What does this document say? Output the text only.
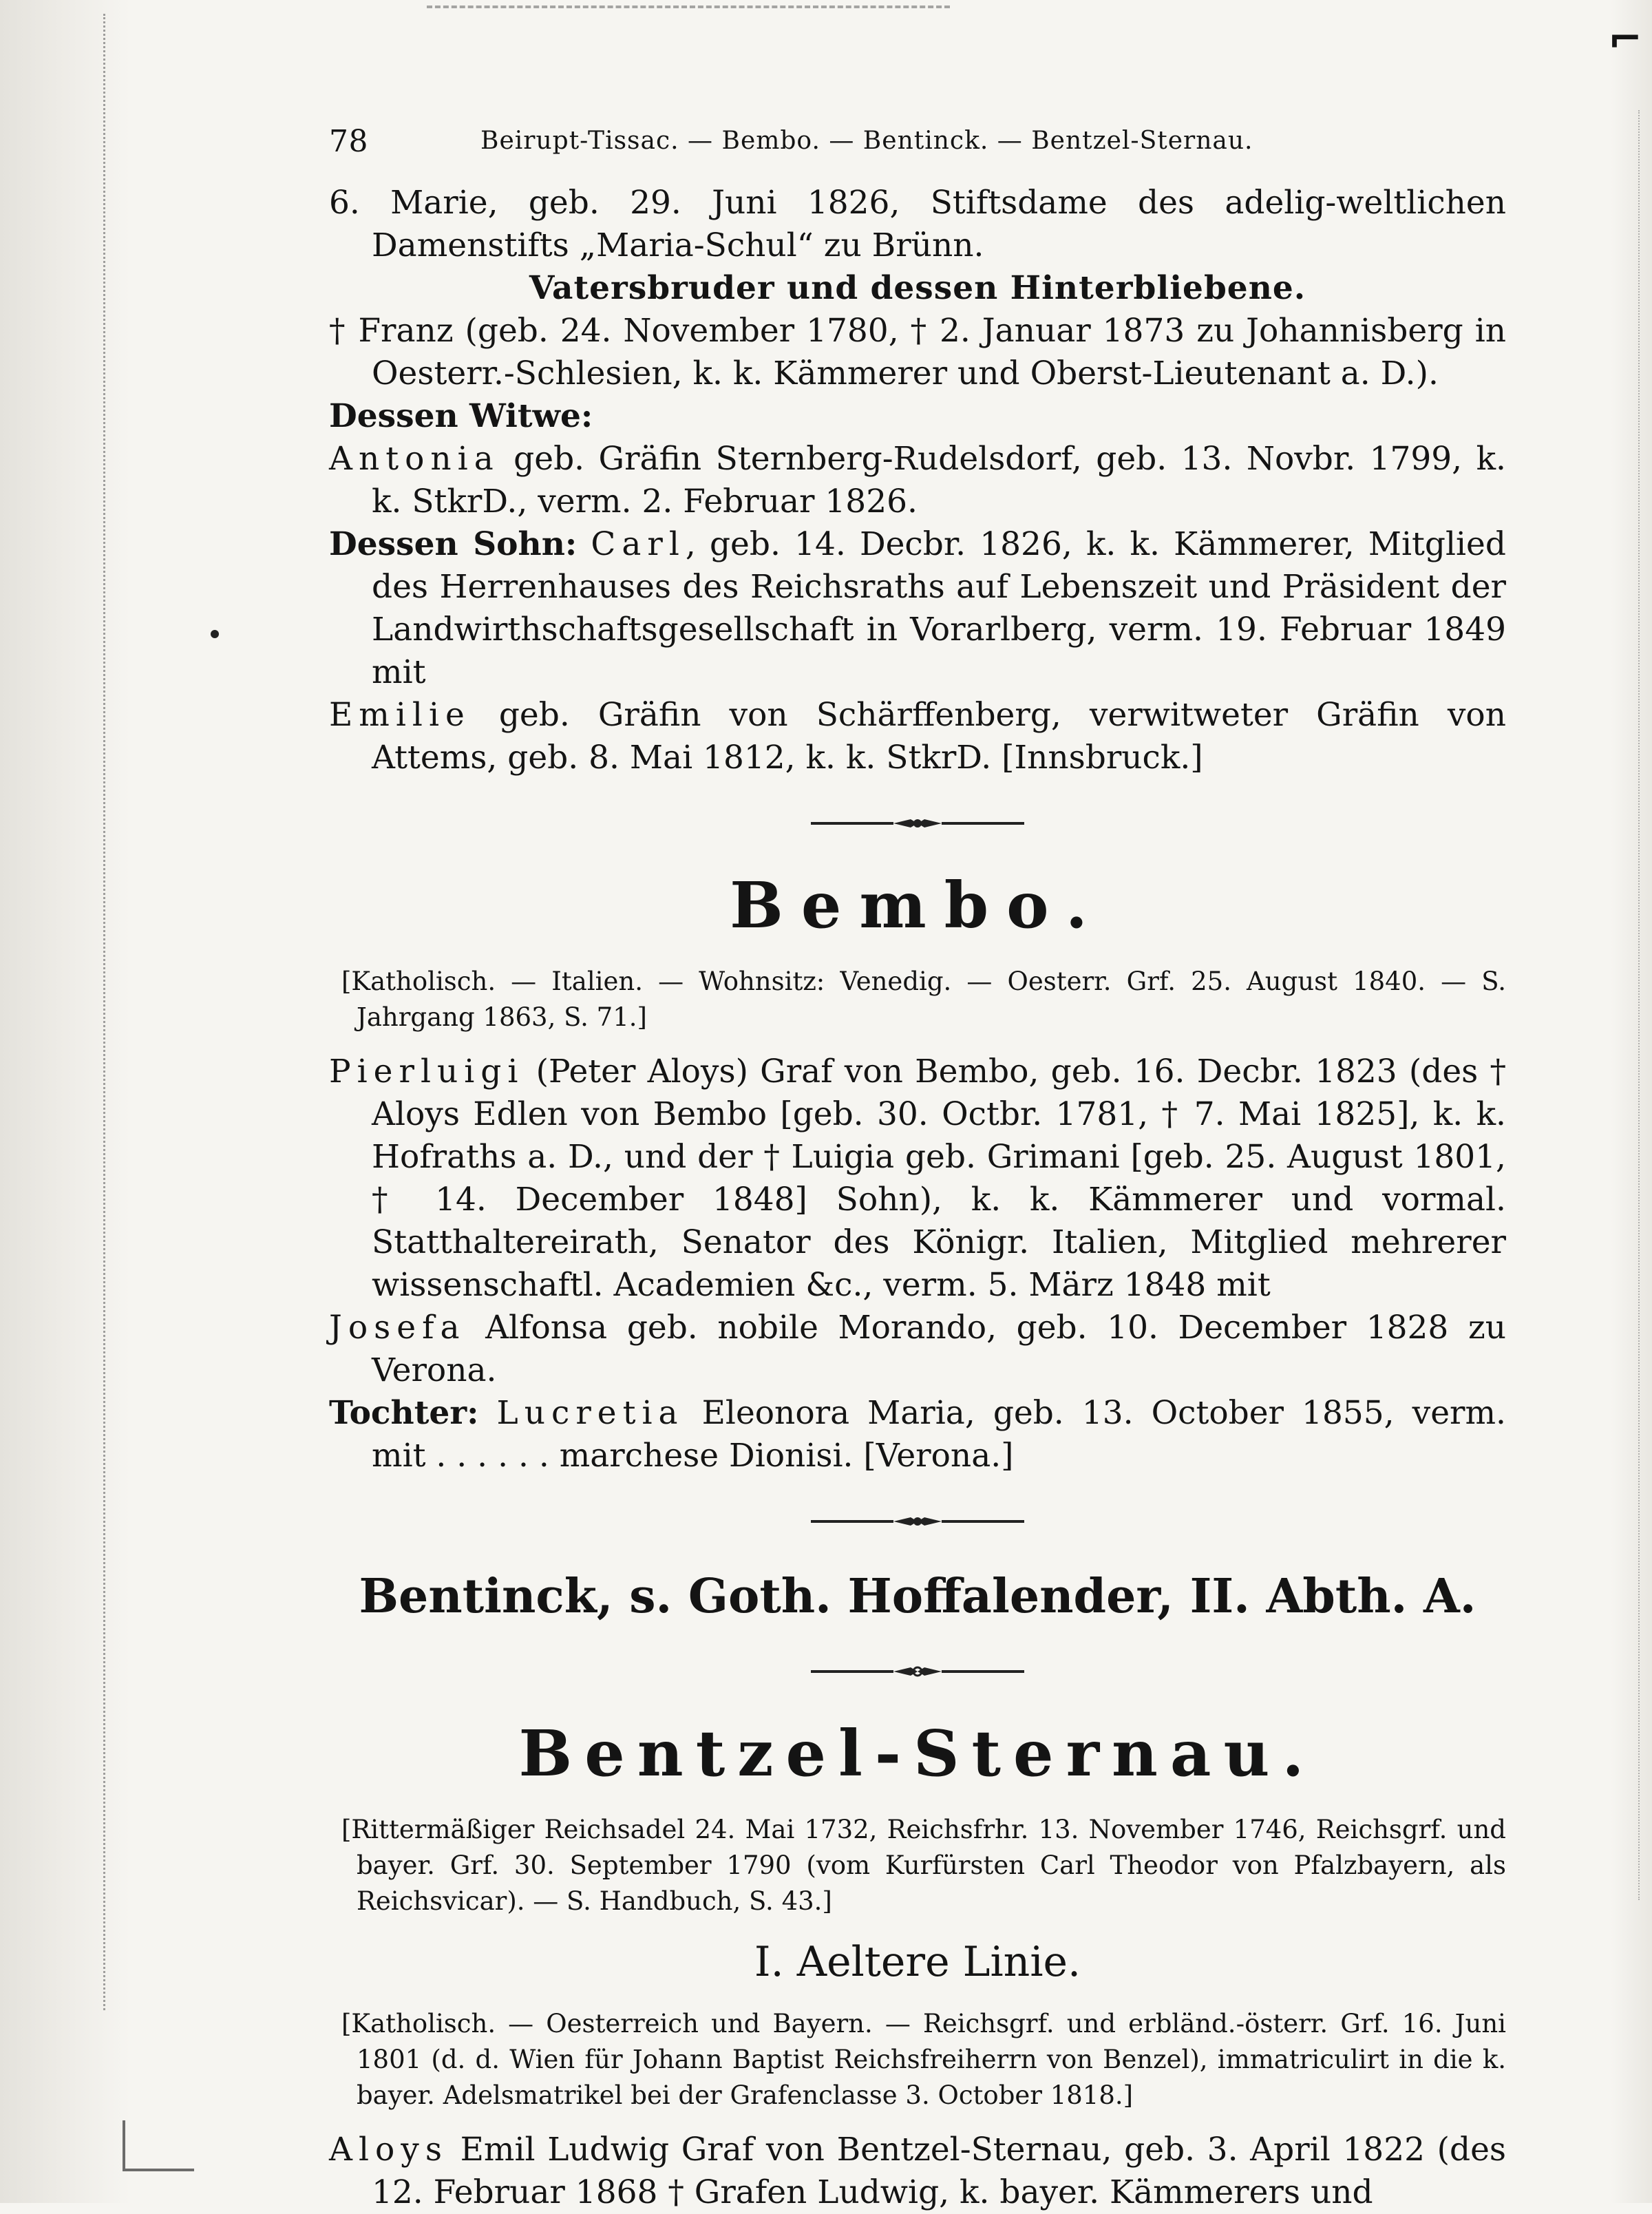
⌐
78	Beirupt-Tissac. — Bembo. — Bentinck. — Bentzel-Sternau.

6. Marie, geb. 29. Juni 1826, Stiftsdame des adelig-weltlichen Damenstifts „Maria-Schul“ zu Brünn.

Vatersbruder und dessen Hinterbliebene.

† Franz (geb. 24. November 1780, † 2. Januar 1873 zu Johannisberg in Oesterr.-Schlesien, k. k. Kämmerer und Oberst-Lieutenant a. D.).

Dessen Witwe:

Antonia geb. Gräfin Sternberg-Rudelsdorf, geb. 13. Novbr. 1799, k. k. StkrD., verm. 2. Februar 1826.

Dessen Sohn: Carl, geb. 14. Decbr. 1826, k. k. Kämmerer, Mitglied des Herrenhauses des Reichsraths auf Lebenszeit und Präsident der Landwirthschaftsgesellschaft in Vorarlberg, verm. 19. Februar 1849 mit

Emilie geb. Gräfin von Schärffenberg, verwitweter Gräfin von Attems, geb. 8. Mai 1812, k. k. StkrD. [Innsbruck.]

Bembo.

[Katholisch. — Italien. — Wohnsitz: Venedig. — Oesterr. Grf. 25. August 1840. — S. Jahrgang 1863, S. 71.]

Pierluigi (Peter Aloys) Graf von Bembo, geb. 16. Decbr. 1823 (des † Aloys Edlen von Bembo [geb. 30. Octbr. 1781, † 7. Mai 1825], k. k. Hofraths a. D., und der † Luigia geb. Grimani [geb. 25. August 1801, † 14. December 1848] Sohn), k. k. Kämmerer und vormal. Statthaltereirath, Senator des Königr. Italien, Mitglied mehrerer wissenschaftl. Academien &c., verm. 5. März 1848 mit

Josefa Alfonsa geb. nobile Morando, geb. 10. December 1828 zu Verona.

Tochter: Lucretia Eleonora Maria, geb. 13. October 1855, verm. mit . . . . . . marchese Dionisi. [Verona.]

Bentinck, s. Goth. Hoffalender, II. Abth. A.

Bentzel-Sternau.

[Rittermäßiger Reichsadel 24. Mai 1732, Reichsfrhr. 13. November 1746, Reichsgrf. und bayer. Grf. 30. September 1790 (vom Kurfürsten Carl Theodor von Pfalzbayern, als Reichsvicar). — S. Handbuch, S. 43.]

I. Aeltere Linie.

[Katholisch. — Oesterreich und Bayern. — Reichsgrf. und erbländ.-österr. Grf. 16. Juni 1801 (d. d. Wien für Johann Baptist Reichsfreiherrn von Benzel), immatriculirt in die k. bayer. Adelsmatrikel bei der Grafenclasse 3. October 1818.]

Aloys Emil Ludwig Graf von Bentzel-Sternau, geb. 3. April 1822 (des 12. Februar 1868 † Grafen Ludwig, k. bayer. Kämmerers und
